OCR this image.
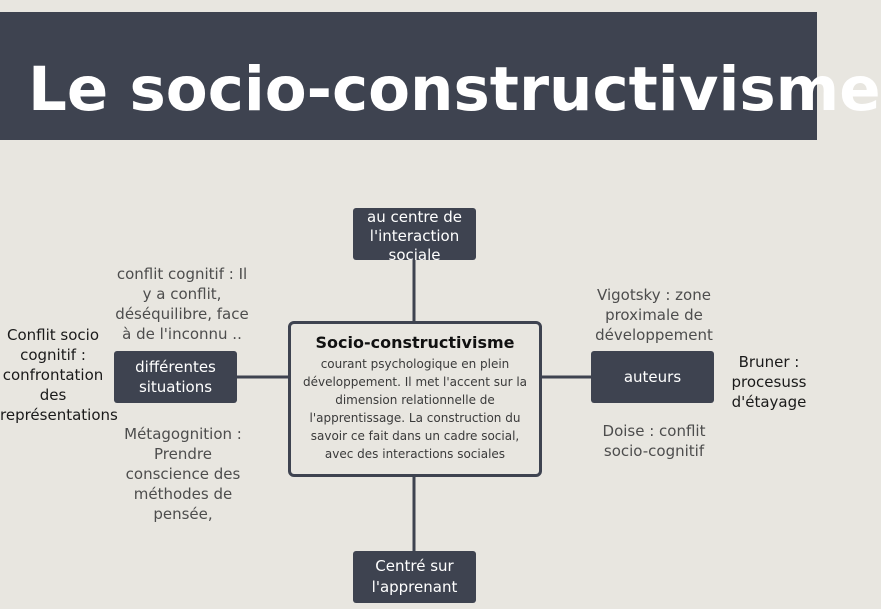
Le socio-constructivisme
au centre de l'interaction sociale
Centré sur l'apprenant
différentes situations
auteurs
Socio-constructivisme
courant psychologique en plein développement. Il met l'accent sur la dimension relationnelle de l'apprentissage. La construction du savoir ce fait dans un cadre social, avec des interactions sociales
conflit cognitif : Il y a conflit, déséquilibre, face à de l'inconnu ..
Métagognition : Prendre conscience des méthodes de pensée,
Conflit socio cognitif : confrontation des représentations
Vigotsky : zone proximale de développement
Doise : conflit socio-cognitif
Bruner : procesuss d'étayage
